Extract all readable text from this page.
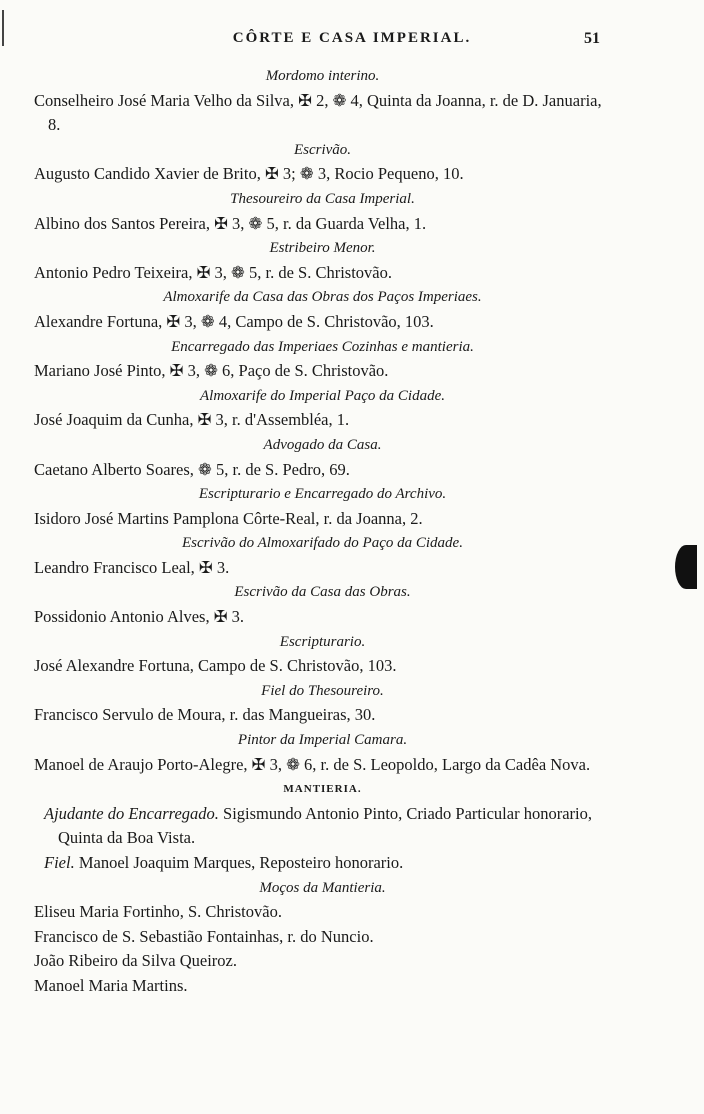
CÔRTE E CASA IMPERIAL.	51
Mordomo interino.
Conselheiro José Maria Velho da Silva, ✠ 2, ❁ 4, Quinta da Joanna, r. de D. Januaria, 8.
Escrivão.
Augusto Candido Xavier de Brito, ✠ 3; ❁ 3, Rocio Pequeno, 10.
Thesoureiro da Casa Imperial.
Albino dos Santos Pereira, ✠ 3, ❁ 5, r. da Guarda Velha, 1.
Estribeiro Menor.
Antonio Pedro Teixeira, ✠ 3, ❁ 5, r. de S. Christovão.
Almoxarife da Casa das Obras dos Paços Imperiaes.
Alexandre Fortuna, ✠ 3, ❁ 4, Campo de S. Christovão, 103.
Encarregado das Imperiaes Cozinhas e mantieria.
Mariano José Pinto, ✠ 3, ❁ 6, Paço de S. Christovão.
Almoxarife do Imperial Paço da Cidade.
José Joaquim da Cunha, ✠ 3, r. d'Assembléa, 1.
Advogado da Casa.
Caetano Alberto Soares, ❁ 5, r. de S. Pedro, 69.
Escripturario e Encarregado do Archivo.
Isidoro José Martins Pamplona Côrte-Real, r. da Joanna, 2.
Escrivão do Almoxarifado do Paço da Cidade.
Leandro Francisco Leal, ✠ 3.
Escrivão da Casa das Obras.
Possidonio Antonio Alves, ✠ 3.
Escripturario.
José Alexandre Fortuna, Campo de S. Christovão, 103.
Fiel do Thesoureiro.
Francisco Servulo de Moura, r. das Mangueiras, 30.
Pintor da Imperial Camara.
Manoel de Araujo Porto-Alegre, ✠ 3, ❁ 6, r. de S. Leopoldo, Largo da Cadêa Nova.
MANTIERIA.
Ajudante do Encarregado. Sigismundo Antonio Pinto, Criado Particular honorario, Quinta da Boa Vista.
Fiel. Manoel Joaquim Marques, Reposteiro honorario.
Moços da Mantieria.
Eliseu Maria Fortinho, S. Christovão.
Francisco de S. Sebastião Fontainhas, r. do Nuncio.
João Ribeiro da Silva Queiroz.
Manoel Maria Martins.
